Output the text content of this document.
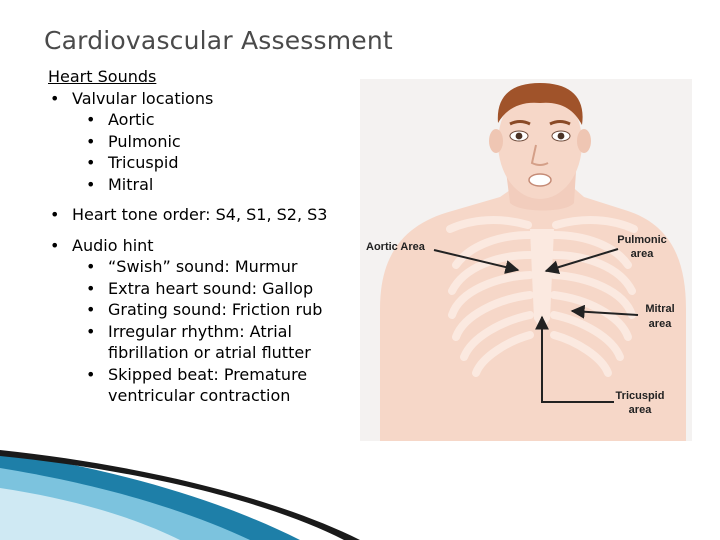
Cardiovascular Assessment
Heart Sounds
• Valvular locations
• Aortic
• Pulmonic
• Tricuspid
• Mitral
• Heart tone order: S4, S1, S2, S3
• Audio hint
• “Swish” sound: Murmur
• Extra heart sound: Gallop
• Grating sound: Friction rub
• Irregular rhythm: Atrial
fibrillation or atrial flutter
• Skipped beat: Premature
ventricular contraction
Aortic Area
Pulmonic
area
Mitral
area
Tricuspid
area
